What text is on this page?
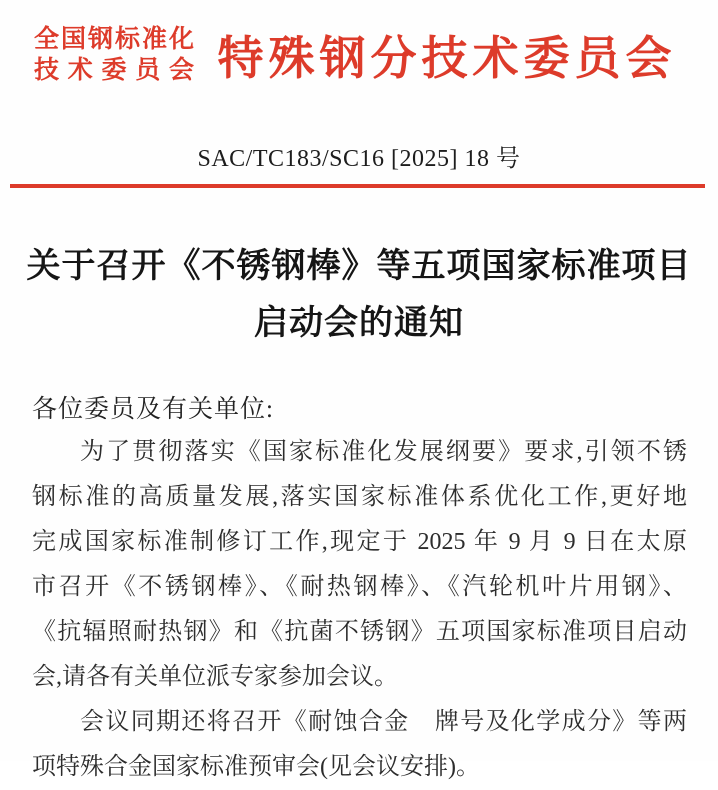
全国钢标准化
技术委员会 特殊钢分技术委员会
SAC/TC183/SC16 [2025] 18 号
关于召开《不锈钢棒》等五项国家标准项目
启动会的通知
各位委员及有关单位:
为了贯彻落实《国家标准化发展纲要》要求,引领不锈
钢标准的高质量发展,落实国家标准体系优化工作,更好地
完成国家标准制修订工作,现定于 2025 年 9 月 9 日在太原
市召开《不锈钢棒》、《耐热钢棒》、《汽轮机叶片用钢》、
《抗辐照耐热钢》和《抗菌不锈钢》五项国家标准项目启动
会,请各有关单位派专家参加会议。
会议同期还将召开《耐蚀合金　牌号及化学成分》等两
项特殊合金国家标准预审会(见会议安排)。
